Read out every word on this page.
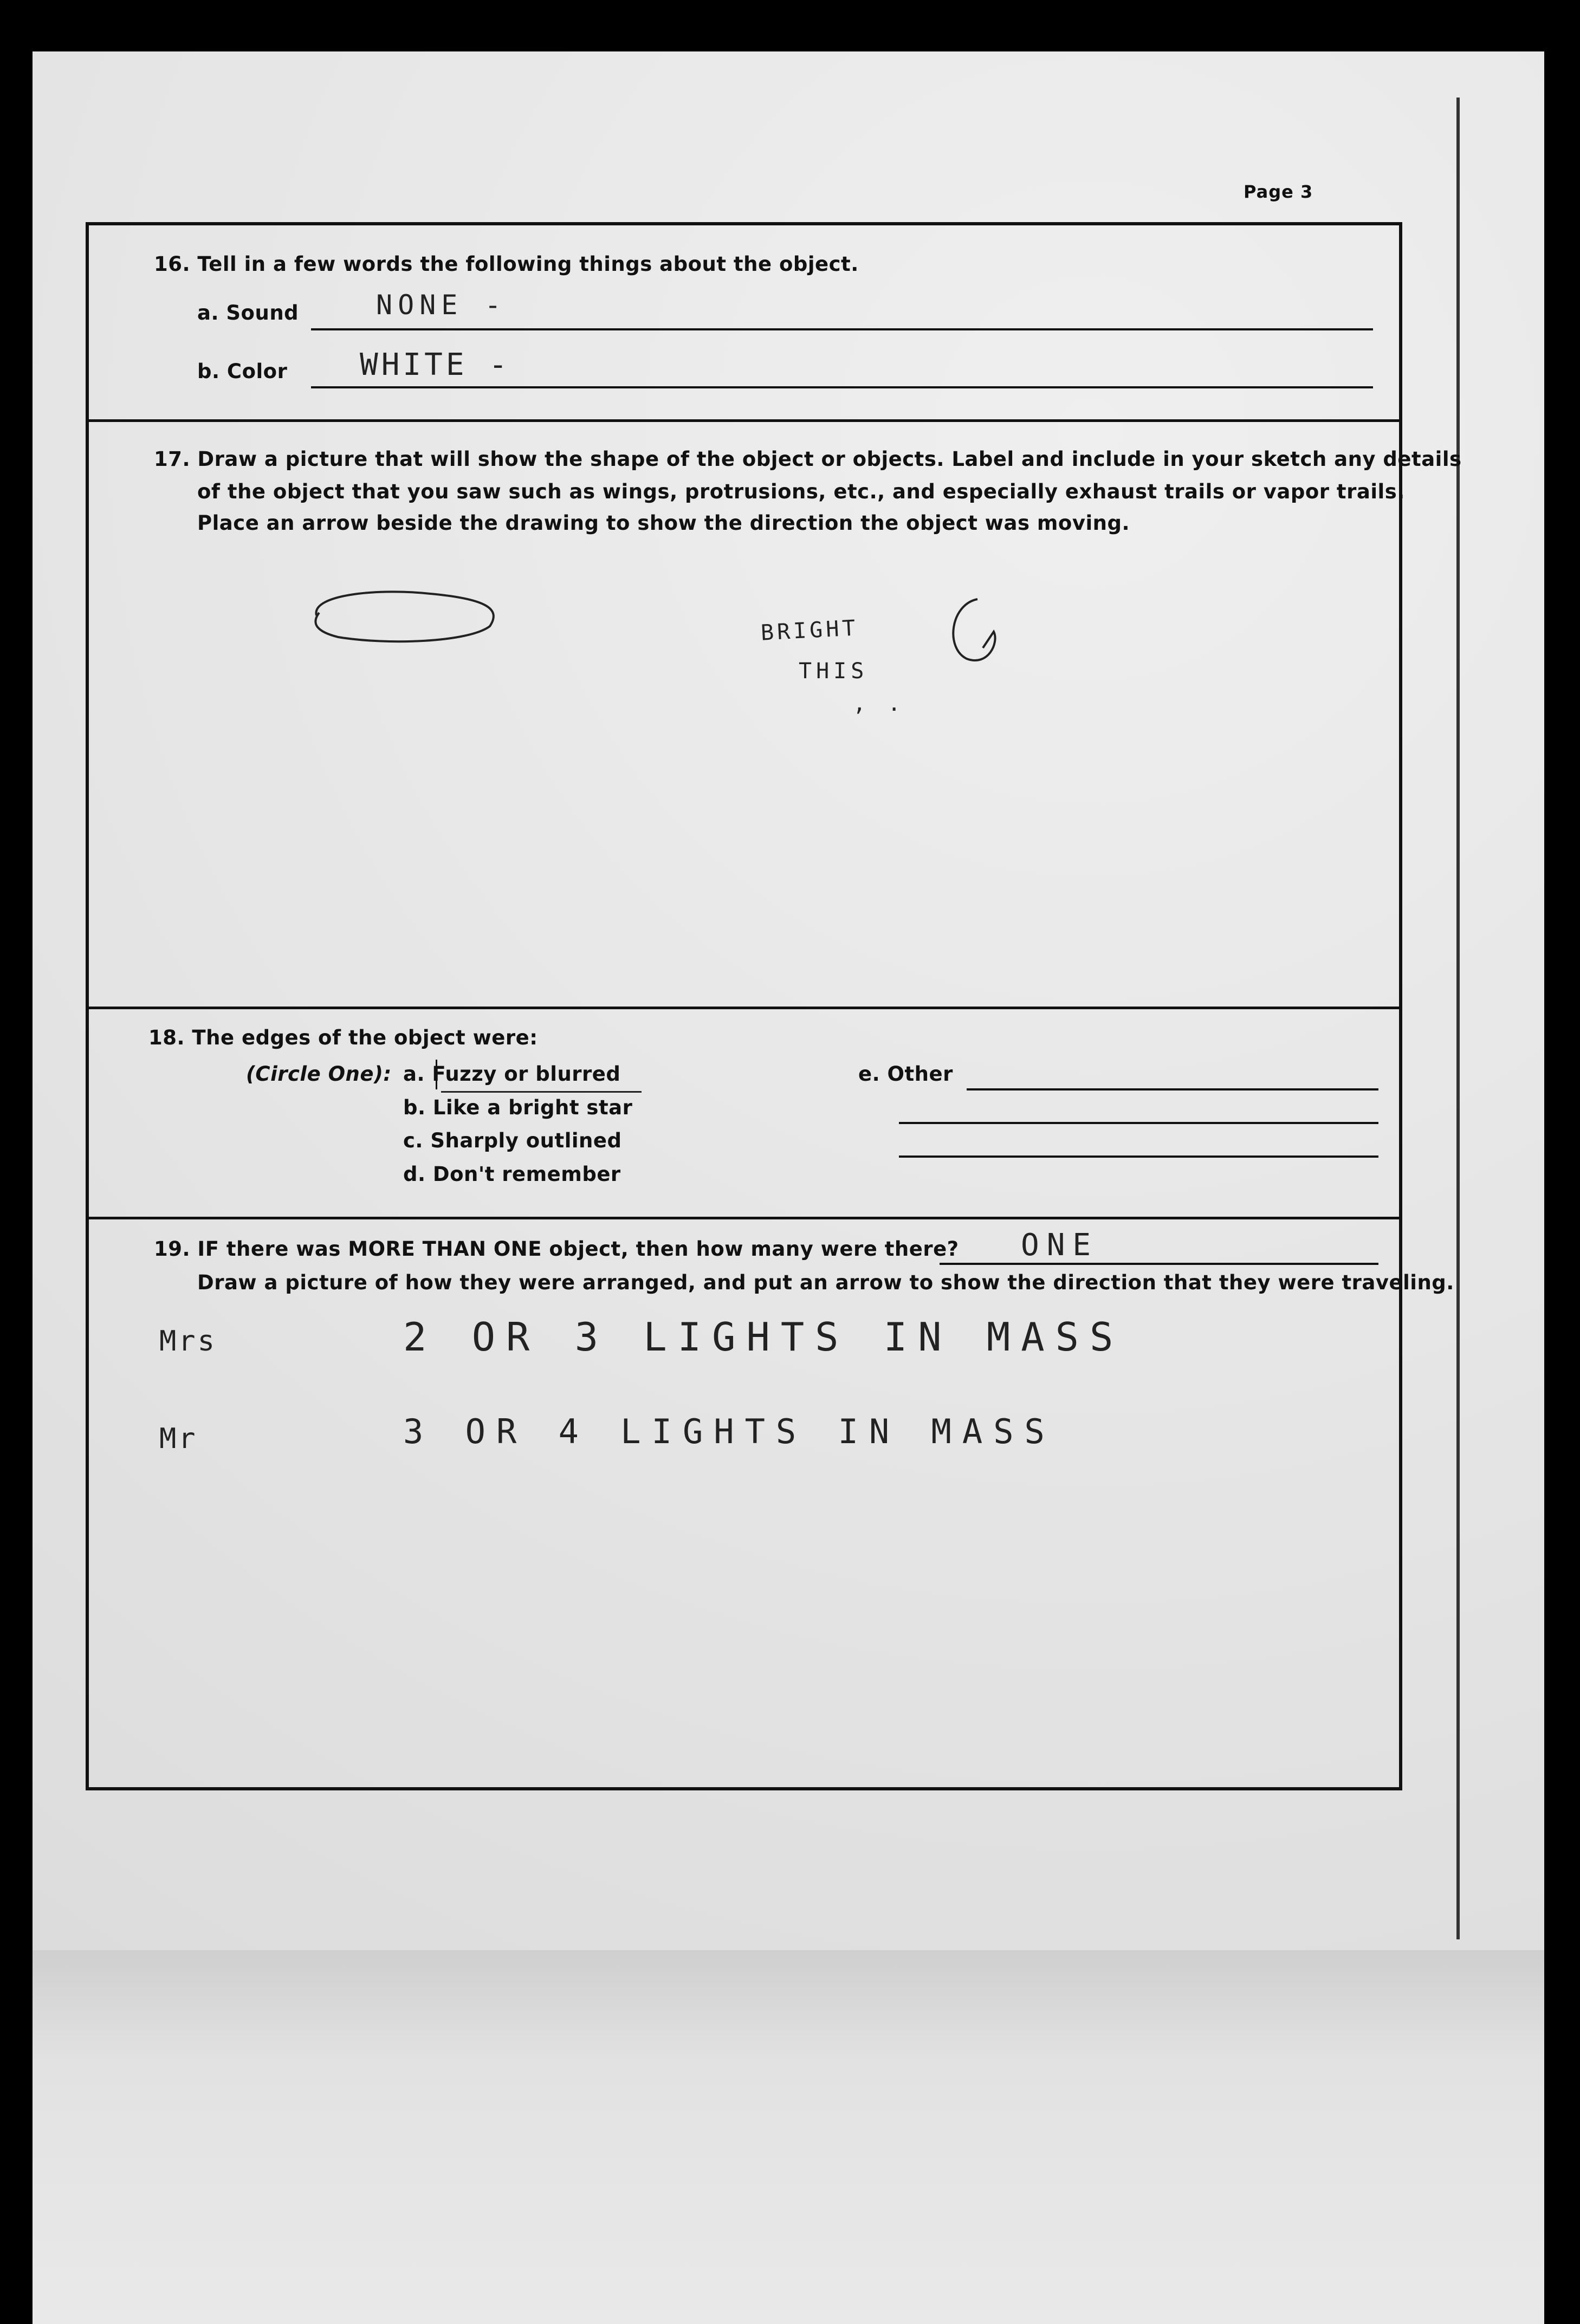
Page 3
16. Tell in a few words the following things about the object.
a. Sound	NONE -
b. Color WHITE -
17. Draw a picture that will show the shape of the object or objects. Label and include in your sketch any details
of the object that you saw such as wings, protrusions, etc., and especially exhaust trails or vapor trails.
Place an arrow beside the drawing to show the direction the object was moving.
BRIGHT
THIS
, .
18. The edges of the object were:
(Circle One): a. Fuzzy or blurred
b. Like a bright star
c. Sharply outlined
d. Don't remember
e. Other
19. IF there was MORE THAN ONE object, then how many were there? ONE
Draw a picture of how they were arranged, and put an arrow to show the direction that they were traveling.
Mrs	2 OR 3 LIGHTS IN MASS
Mr	3 OR 4 LIGHTS IN MASS
